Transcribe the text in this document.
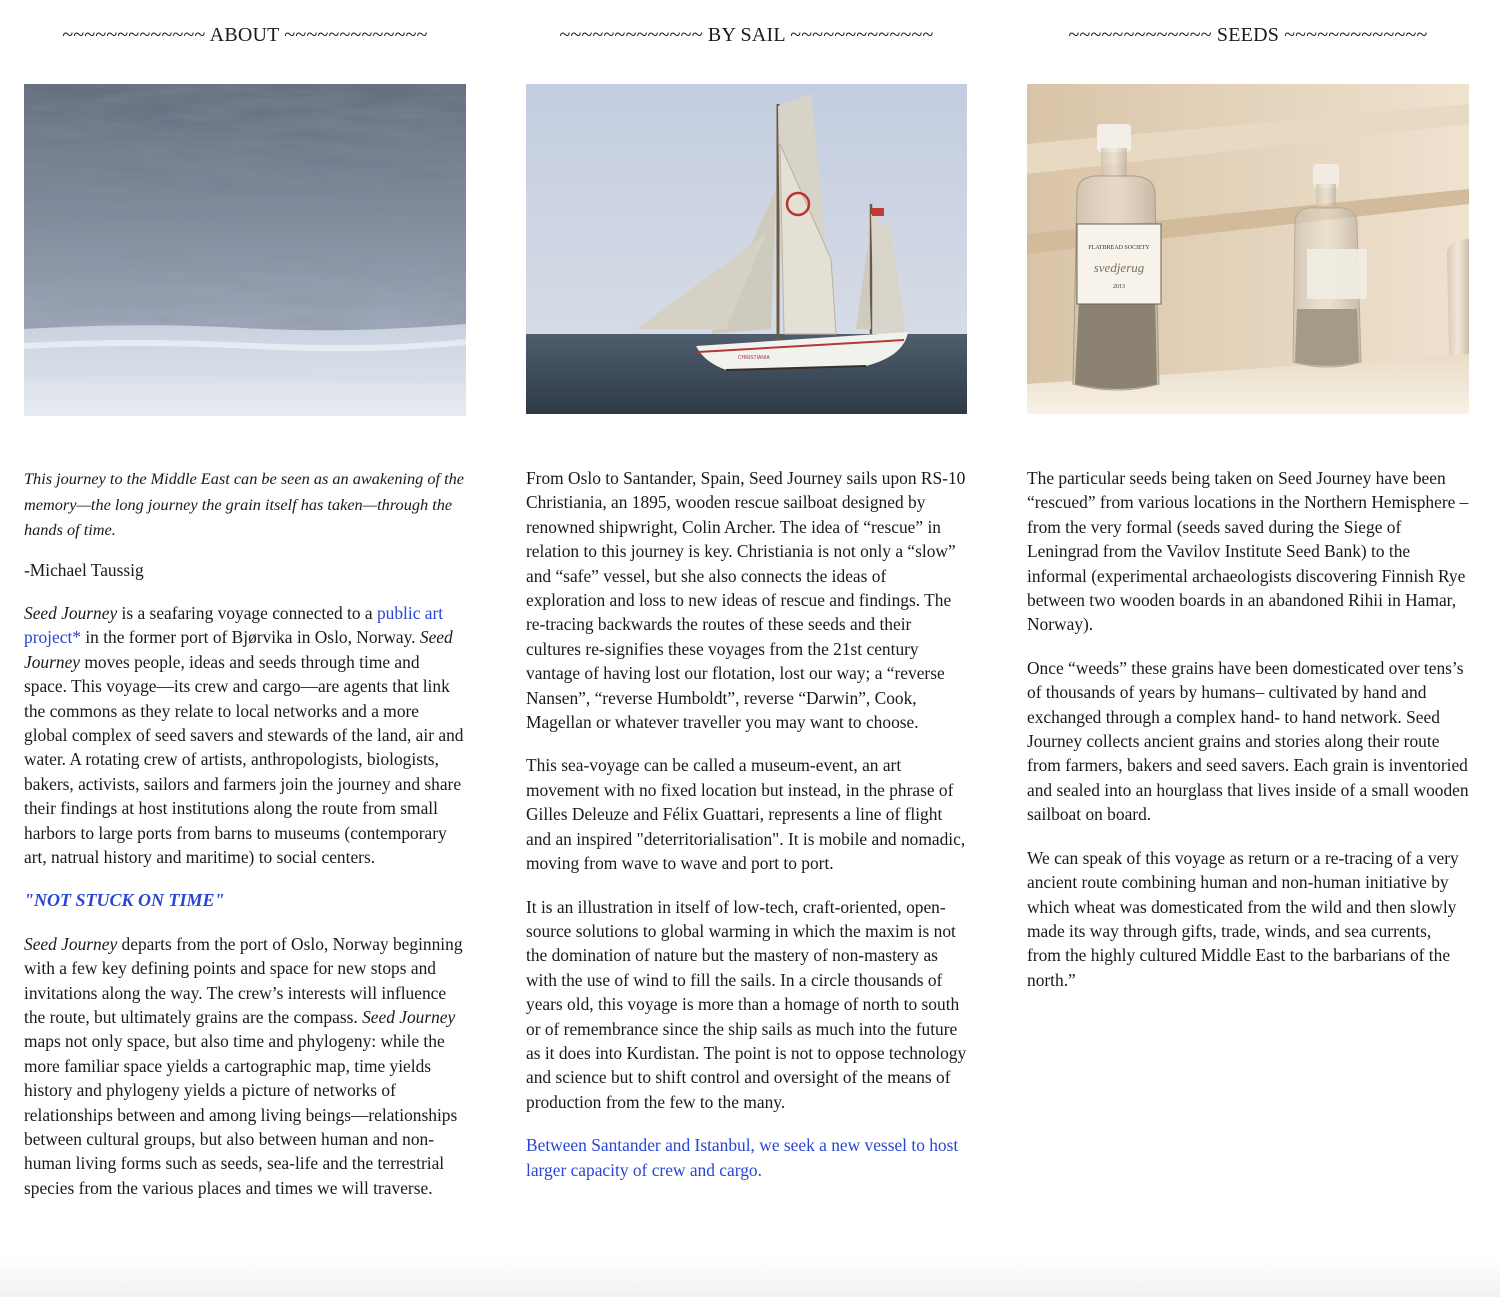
~~~~~~~~~~~~~ ABOUT ~~~~~~~~~~~~~

This journey to the Middle East can be seen as an awakening of the memory—the long journey the grain itself has taken—through the hands of time.

-Michael Taussig

Seed Journey is a seafaring voyage connected to a public art project* in the former port of Bjørvika in Oslo, Norway. Seed Journey moves people, ideas and seeds through time and space. This voyage—its crew and cargo—are agents that link the commons as they relate to local networks and a more global complex of seed savers and stewards of the land, air and water. A rotating crew of artists, anthropologists, biologists, bakers, activists, sailors and farmers join the journey and share their findings at host institutions along the route from small harbors to large ports from barns to museums (contemporary art, natrual history and maritime) to social centers.

"NOT STUCK ON TIME"

Seed Journey departs from the port of Oslo, Norway beginning with a few key defining points and space for new stops and invitations along the way. The crew’s interests will influence the route, but ultimately grains are the compass. Seed Journey maps not only space, but also time and phylogeny: while the more familiar space yields a cartographic map, time yields history and phylogeny yields a picture of networks of relationships between and among living beings—relationships between cultural groups, but also between human and non-human living forms such as seeds, sea-life and the terrestrial species from the various places and times we will traverse.

~~~~~~~~~~~~~ BY SAIL ~~~~~~~~~~~~~
CHRISTIANIA

From Oslo to Santander, Spain, Seed Journey sails upon RS-10 Christiania, an 1895, wooden rescue sailboat designed by renowned shipwright, Colin Archer. The idea of “rescue” in relation to this journey is key. Christiania is not only a “slow” and “safe” vessel, but she also connects the ideas of exploration and loss to new ideas of rescue and findings. The re-tracing backwards the routes of these seeds and their cultures re-signifies these voyages from the 21st century vantage of having lost our flotation, lost our way; a “reverse Nansen”, “reverse Humboldt”, reverse “Darwin”, Cook, Magellan or whatever traveller you may want to choose.

This sea-voyage can be called a museum-event, an art movement with no fixed location but instead, in the phrase of Gilles Deleuze and Félix Guattari, represents a line of flight and an inspired "deterritorialisation". It is mobile and nomadic, moving from wave to wave and port to port.

It is an illustration in itself of low-tech, craft-oriented, open-source solutions to global warming in which the maxim is not the domination of nature but the mastery of non-mastery as with the use of wind to fill the sails. In a circle thousands of years old, this voyage is more than a homage of north to south or of remembrance since the ship sails as much into the future as it does into Kurdistan. The point is not to oppose technology and science but to shift control and oversight of the means of production from the few to the many.

Between Santander and Istanbul, we seek a new vessel to host larger capacity of crew and cargo.

~~~~~~~~~~~~~ SEEDS ~~~~~~~~~~~~~
FLATBREAD SOCIETY
svedjerug
2013

The particular seeds being taken on Seed Journey have been “rescued” from various locations in the Northern Hemisphere – from the very formal (seeds saved during the Siege of Leningrad from the Vavilov Institute Seed Bank) to the informal (experimental archaeologists discovering Finnish Rye between two wooden boards in an abandoned Rihii in Hamar, Norway).

Once “weeds” these grains have been domesticated over tens’s of thousands of years by humans– cultivated by hand and exchanged through a complex hand- to hand network. Seed Journey collects ancient grains and stories along their route from farmers, bakers and seed savers. Each grain is inventoried and sealed into an hourglass that lives inside of a small wooden sailboat on board.

We can speak of this voyage as return or a re-tracing of a very ancient route combining human and non-human initiative by which wheat was domesticated from the wild and then slowly made its way through gifts, trade, winds, and sea currents, from the highly cultured Middle East to the barbarians of the north.”
